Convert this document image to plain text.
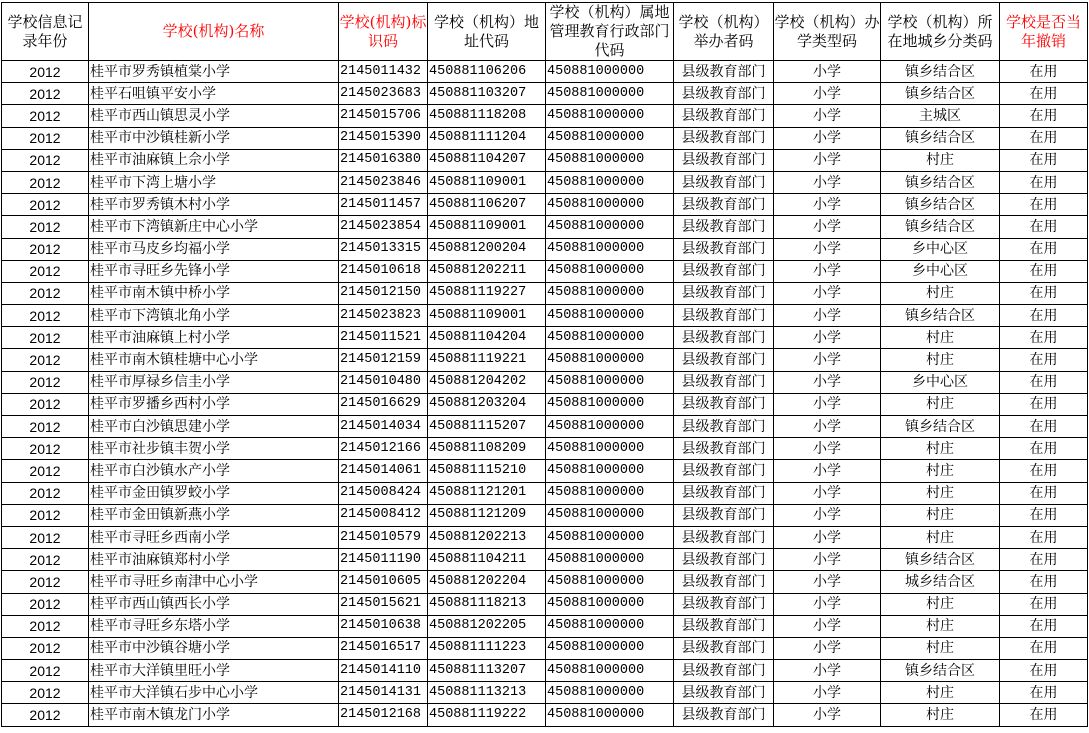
学校信息记录年份	学校(机构)名称	学校(机构)标识码	学校（机构）地址代码	学校（机构）属地管理教育行政部门代码	学校（机构）举办者码	学校（机构）办学类型码	学校（机构）所在地城乡分类码	学校是否当年撤销
2012	桂平市罗秀镇植棠小学	2145011432	450881106206	450881000000	县级教育部门	小学	镇乡结合区	在用
2012	桂平石咀镇平安小学	2145023683	450881103207	450881000000	县级教育部门	小学	镇乡结合区	在用
2012	桂平市西山镇思灵小学	2145015706	450881118208	450881000000	县级教育部门	小学	主城区	在用
2012	桂平市中沙镇桂新小学	2145015390	450881111204	450881000000	县级教育部门	小学	镇乡结合区	在用
2012	桂平市油麻镇上佘小学	2145016380	450881104207	450881000000	县级教育部门	小学	村庄	在用
2012	桂平市下湾上塘小学	2145023846	450881109001	450881000000	县级教育部门	小学	镇乡结合区	在用
2012	桂平市罗秀镇木村小学	2145011457	450881106207	450881000000	县级教育部门	小学	镇乡结合区	在用
2012	桂平市下湾镇新庄中心小学	2145023854	450881109001	450881000000	县级教育部门	小学	镇乡结合区	在用
2012	桂平市马皮乡均福小学	2145013315	450881200204	450881000000	县级教育部门	小学	乡中心区	在用
2012	桂平市寻旺乡先锋小学	2145010618	450881202211	450881000000	县级教育部门	小学	乡中心区	在用
2012	桂平市南木镇中桥小学	2145012150	450881119227	450881000000	县级教育部门	小学	村庄	在用
2012	桂平市下湾镇北角小学	2145023823	450881109001	450881000000	县级教育部门	小学	镇乡结合区	在用
2012	桂平市油麻镇上村小学	2145011521	450881104204	450881000000	县级教育部门	小学	村庄	在用
2012	桂平市南木镇桂塘中心小学	2145012159	450881119221	450881000000	县级教育部门	小学	村庄	在用
2012	桂平市厚禄乡信圭小学	2145010480	450881204202	450881000000	县级教育部门	小学	乡中心区	在用
2012	桂平市罗播乡西村小学	2145016629	450881203204	450881000000	县级教育部门	小学	村庄	在用
2012	桂平市白沙镇思建小学	2145014034	450881115207	450881000000	县级教育部门	小学	镇乡结合区	在用
2012	桂平市社步镇丰贺小学	2145012166	450881108209	450881000000	县级教育部门	小学	村庄	在用
2012	桂平市白沙镇水产小学	2145014061	450881115210	450881000000	县级教育部门	小学	村庄	在用
2012	桂平市金田镇罗蛟小学	2145008424	450881121201	450881000000	县级教育部门	小学	村庄	在用
2012	桂平市金田镇新燕小学	2145008412	450881121209	450881000000	县级教育部门	小学	村庄	在用
2012	桂平市寻旺乡西南小学	2145010579	450881202213	450881000000	县级教育部门	小学	村庄	在用
2012	桂平市油麻镇郑村小学	2145011190	450881104211	450881000000	县级教育部门	小学	镇乡结合区	在用
2012	桂平市寻旺乡南津中心小学	2145010605	450881202204	450881000000	县级教育部门	小学	城乡结合区	在用
2012	桂平市西山镇西长小学	2145015621	450881118213	450881000000	县级教育部门	小学	村庄	在用
2012	桂平市寻旺乡东塔小学	2145010638	450881202205	450881000000	县级教育部门	小学	村庄	在用
2012	桂平市中沙镇谷塘小学	2145016517	450881111223	450881000000	县级教育部门	小学	村庄	在用
2012	桂平市大洋镇里旺小学	2145014110	450881113207	450881000000	县级教育部门	小学	镇乡结合区	在用
2012	桂平市大洋镇石步中心小学	2145014131	450881113213	450881000000	县级教育部门	小学	村庄	在用
2012	桂平市南木镇龙门小学	2145012168	450881119222	450881000000	县级教育部门	小学	村庄	在用
